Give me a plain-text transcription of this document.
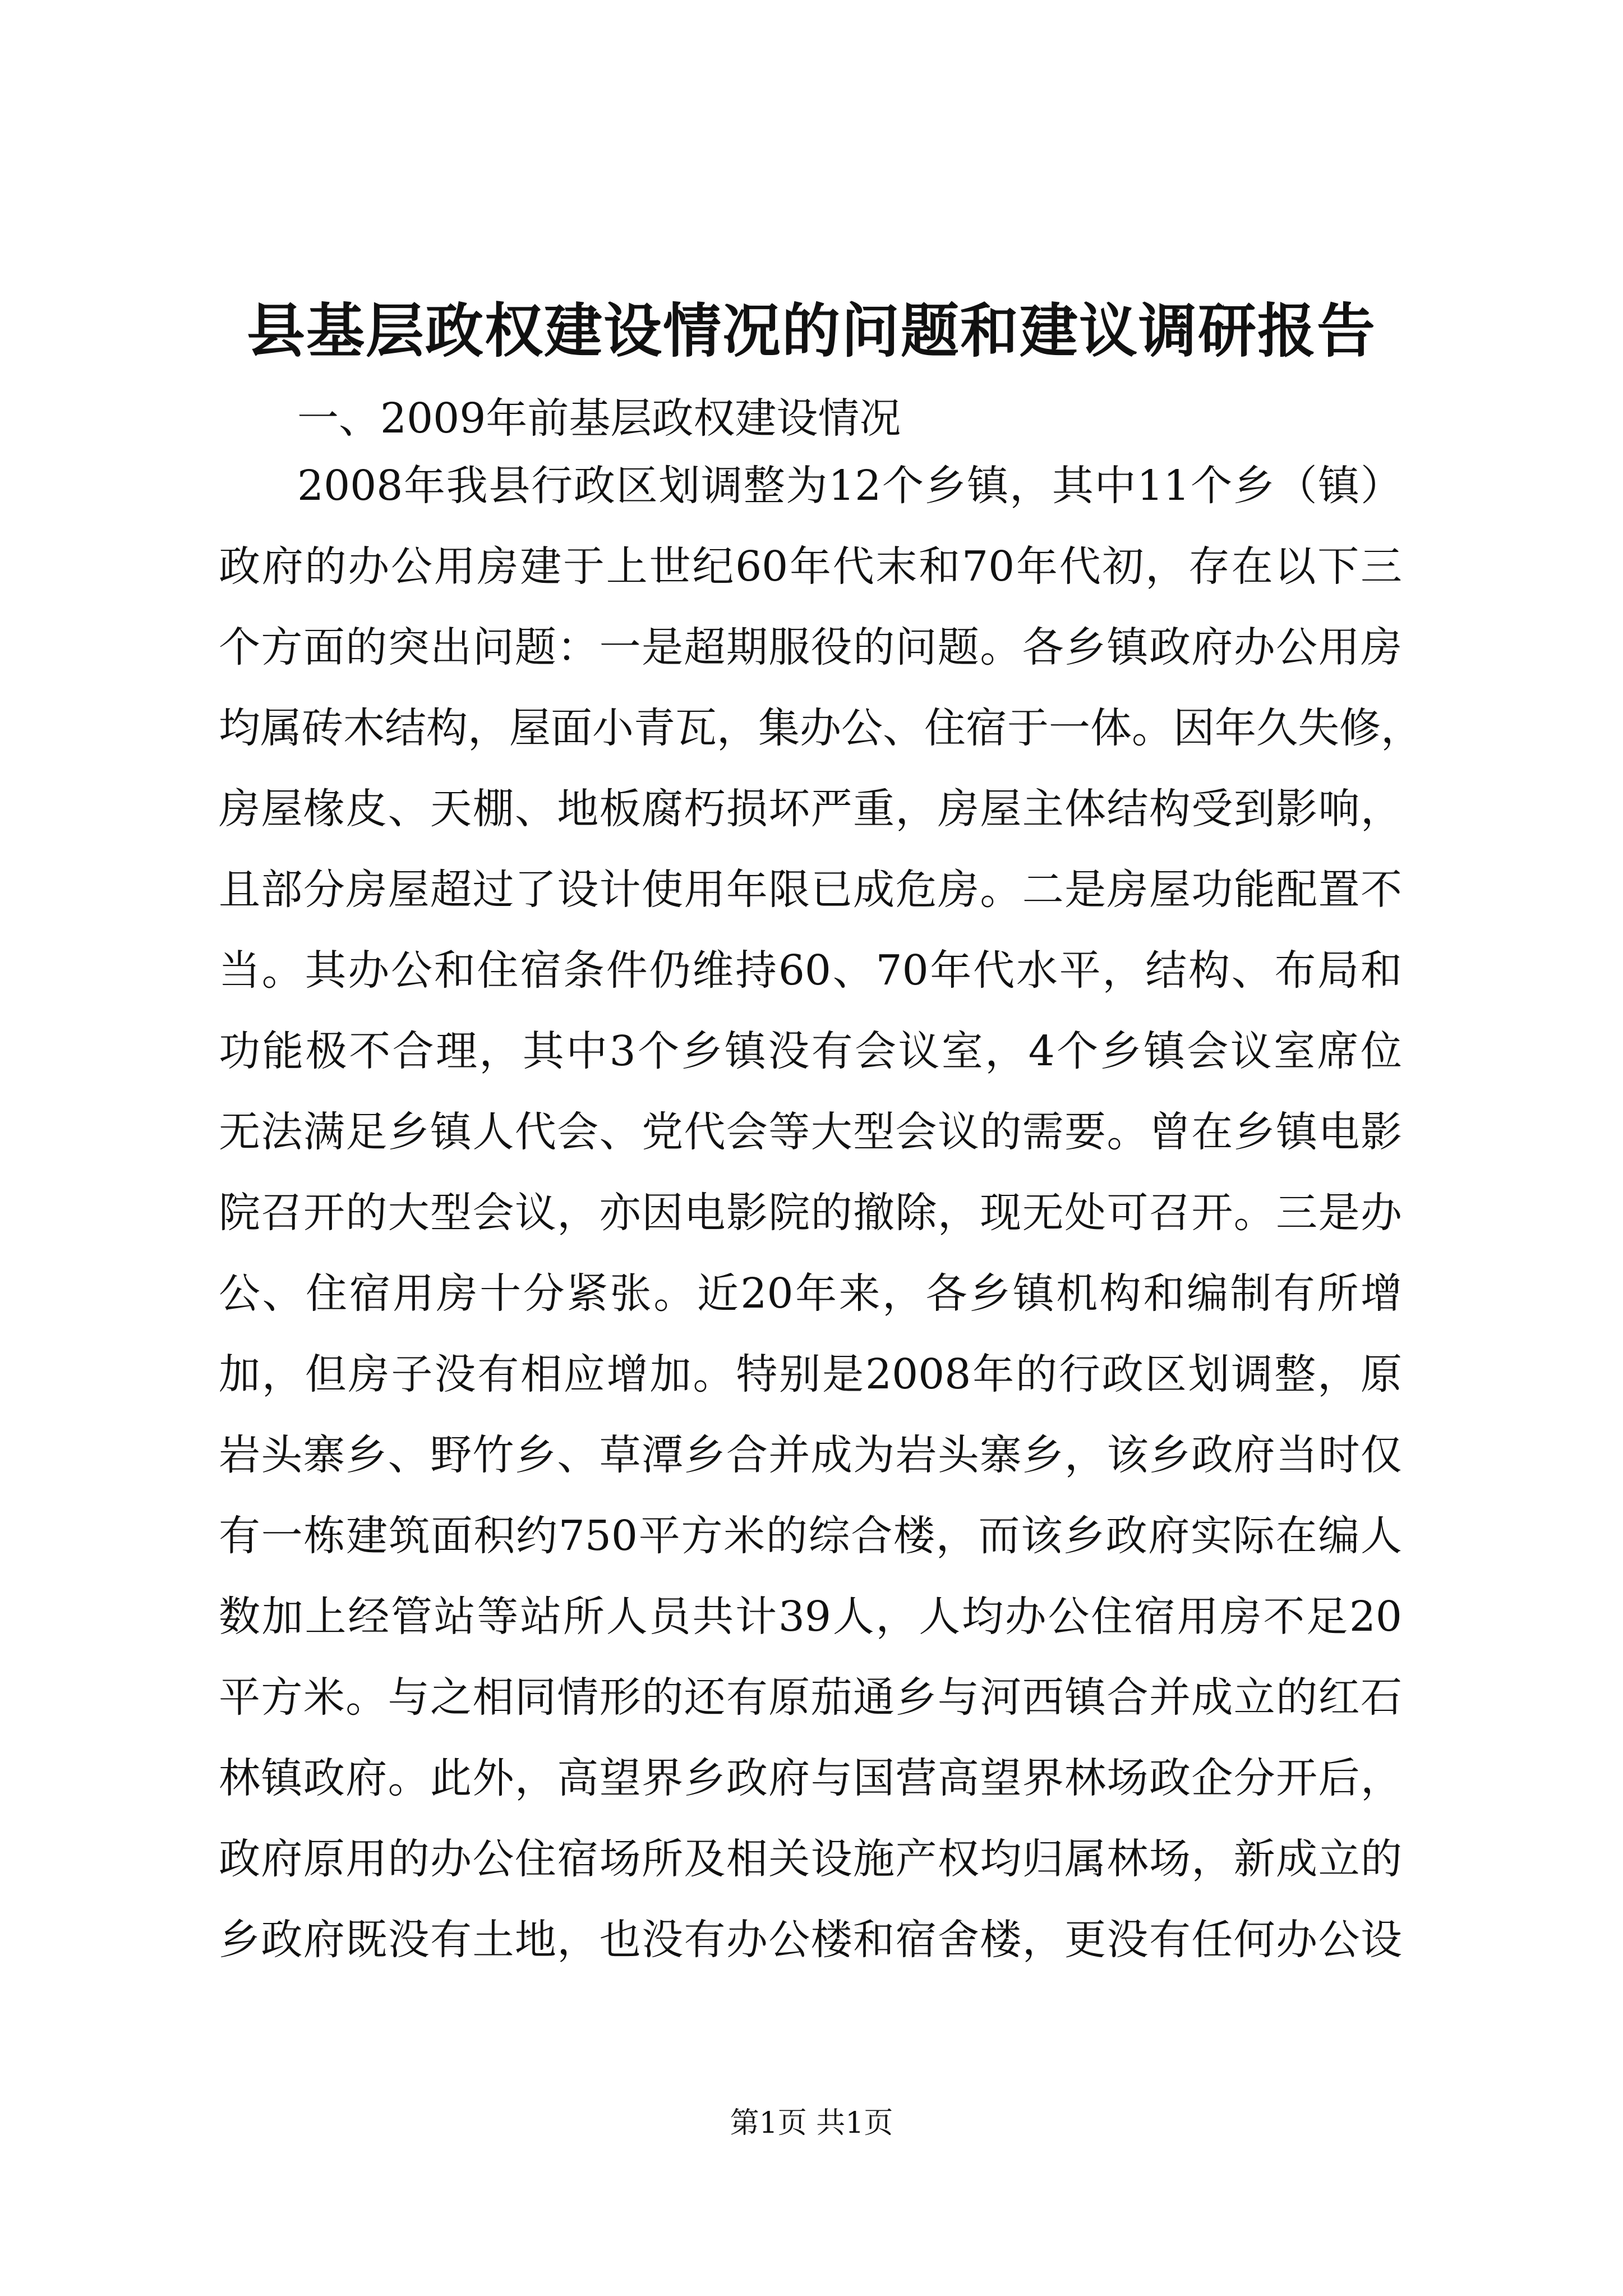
县基层政权建设情况的问题和建议调研报告
一、2009年前基层政权建设情况
2008年我县行政区划调整为12个乡镇，其中11个乡（镇）
政府的办公用房建于上世纪60年代末和70年代初，存在以下三
个方面的突出问题：一是超期服役的问题。各乡镇政府办公用房
均属砖木结构，屋面小青瓦，集办公、住宿于一体。因年久失修，
房屋椽皮、天棚、地板腐朽损坏严重，房屋主体结构受到影响，
且部分房屋超过了设计使用年限已成危房。二是房屋功能配置不
当。其办公和住宿条件仍维持60、70年代水平，结构、布局和
功能极不合理，其中3个乡镇没有会议室，4个乡镇会议室席位
无法满足乡镇人代会、党代会等大型会议的需要。曾在乡镇电影
院召开的大型会议，亦因电影院的撤除，现无处可召开。三是办
公、住宿用房十分紧张。近20年来，各乡镇机构和编制有所增
加，但房子没有相应增加。特别是2008年的行政区划调整，原
岩头寨乡、野竹乡、草潭乡合并成为岩头寨乡，该乡政府当时仅
有一栋建筑面积约750平方米的综合楼，而该乡政府实际在编人
数加上经管站等站所人员共计39人，人均办公住宿用房不足20
平方米。与之相同情形的还有原茄通乡与河西镇合并成立的红石
林镇政府。此外，高望界乡政府与国营高望界林场政企分开后，
政府原用的办公住宿场所及相关设施产权均归属林场，新成立的
乡政府既没有土地，也没有办公楼和宿舍楼，更没有任何办公设
第1页 共1页
